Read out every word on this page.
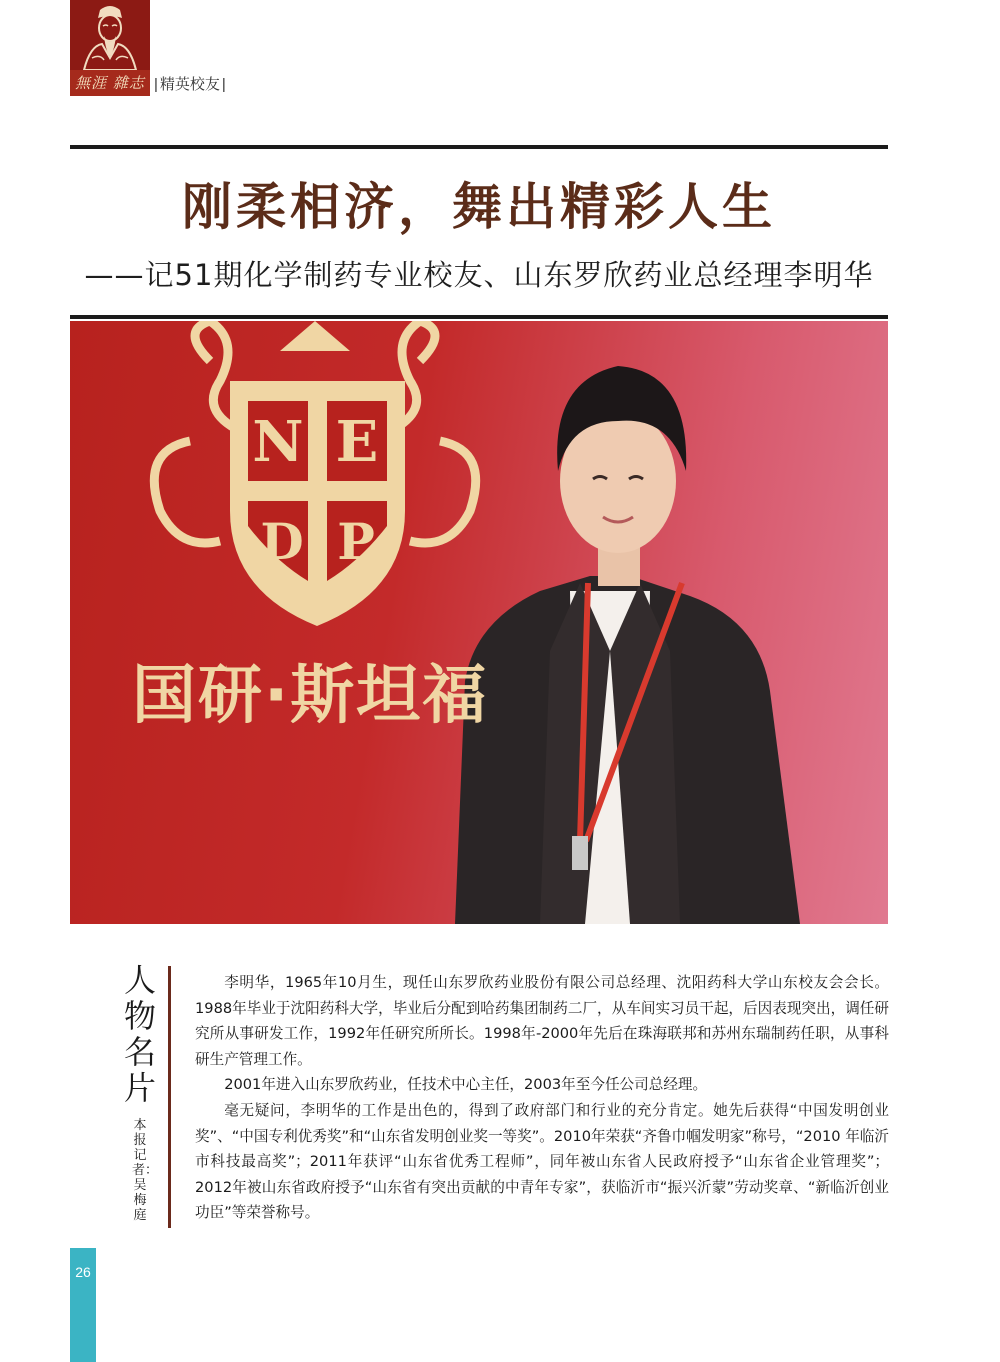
無涯 雜志 | 精英校友 |
刚柔相济，舞出精彩人生
——记51期化学制药专业校友、山东罗欣药业总经理李明华
N E
D P
国研·斯坦福
人物名片
本报记者：吴梅庭

李明华，1965年10月生，现任山东罗欣药业股份有限公司总经理、沈阳药科大学山东校友会会长。1988年毕业于沈阳药科大学，毕业后分配到哈药集团制药二厂，从车间实习员干起，后因表现突出，调任研究所从事研发工作，1992年任研究所所长。1998年-2000年先后在珠海联邦和苏州东瑞制药任职，从事科研生产管理工作。

2001年进入山东罗欣药业，任技术中心主任，2003年至今任公司总经理。

毫无疑问，李明华的工作是出色的，得到了政府部门和行业的充分肯定。她先后获得“中国发明创业奖”、“中国专利优秀奖”和“山东省发明创业奖一等奖”。2010年荣获“齐鲁巾帼发明家”称号，“2010 年临沂市科技最高奖”；2011年获评“山东省优秀工程师”，同年被山东省人民政府授予“山东省企业管理奖”；2012年被山东省政府授予“山东省有突出贡献的中青年专家”，获临沂市“振兴沂蒙”劳动奖章、“新临沂创业功臣”等荣誉称号。

26
